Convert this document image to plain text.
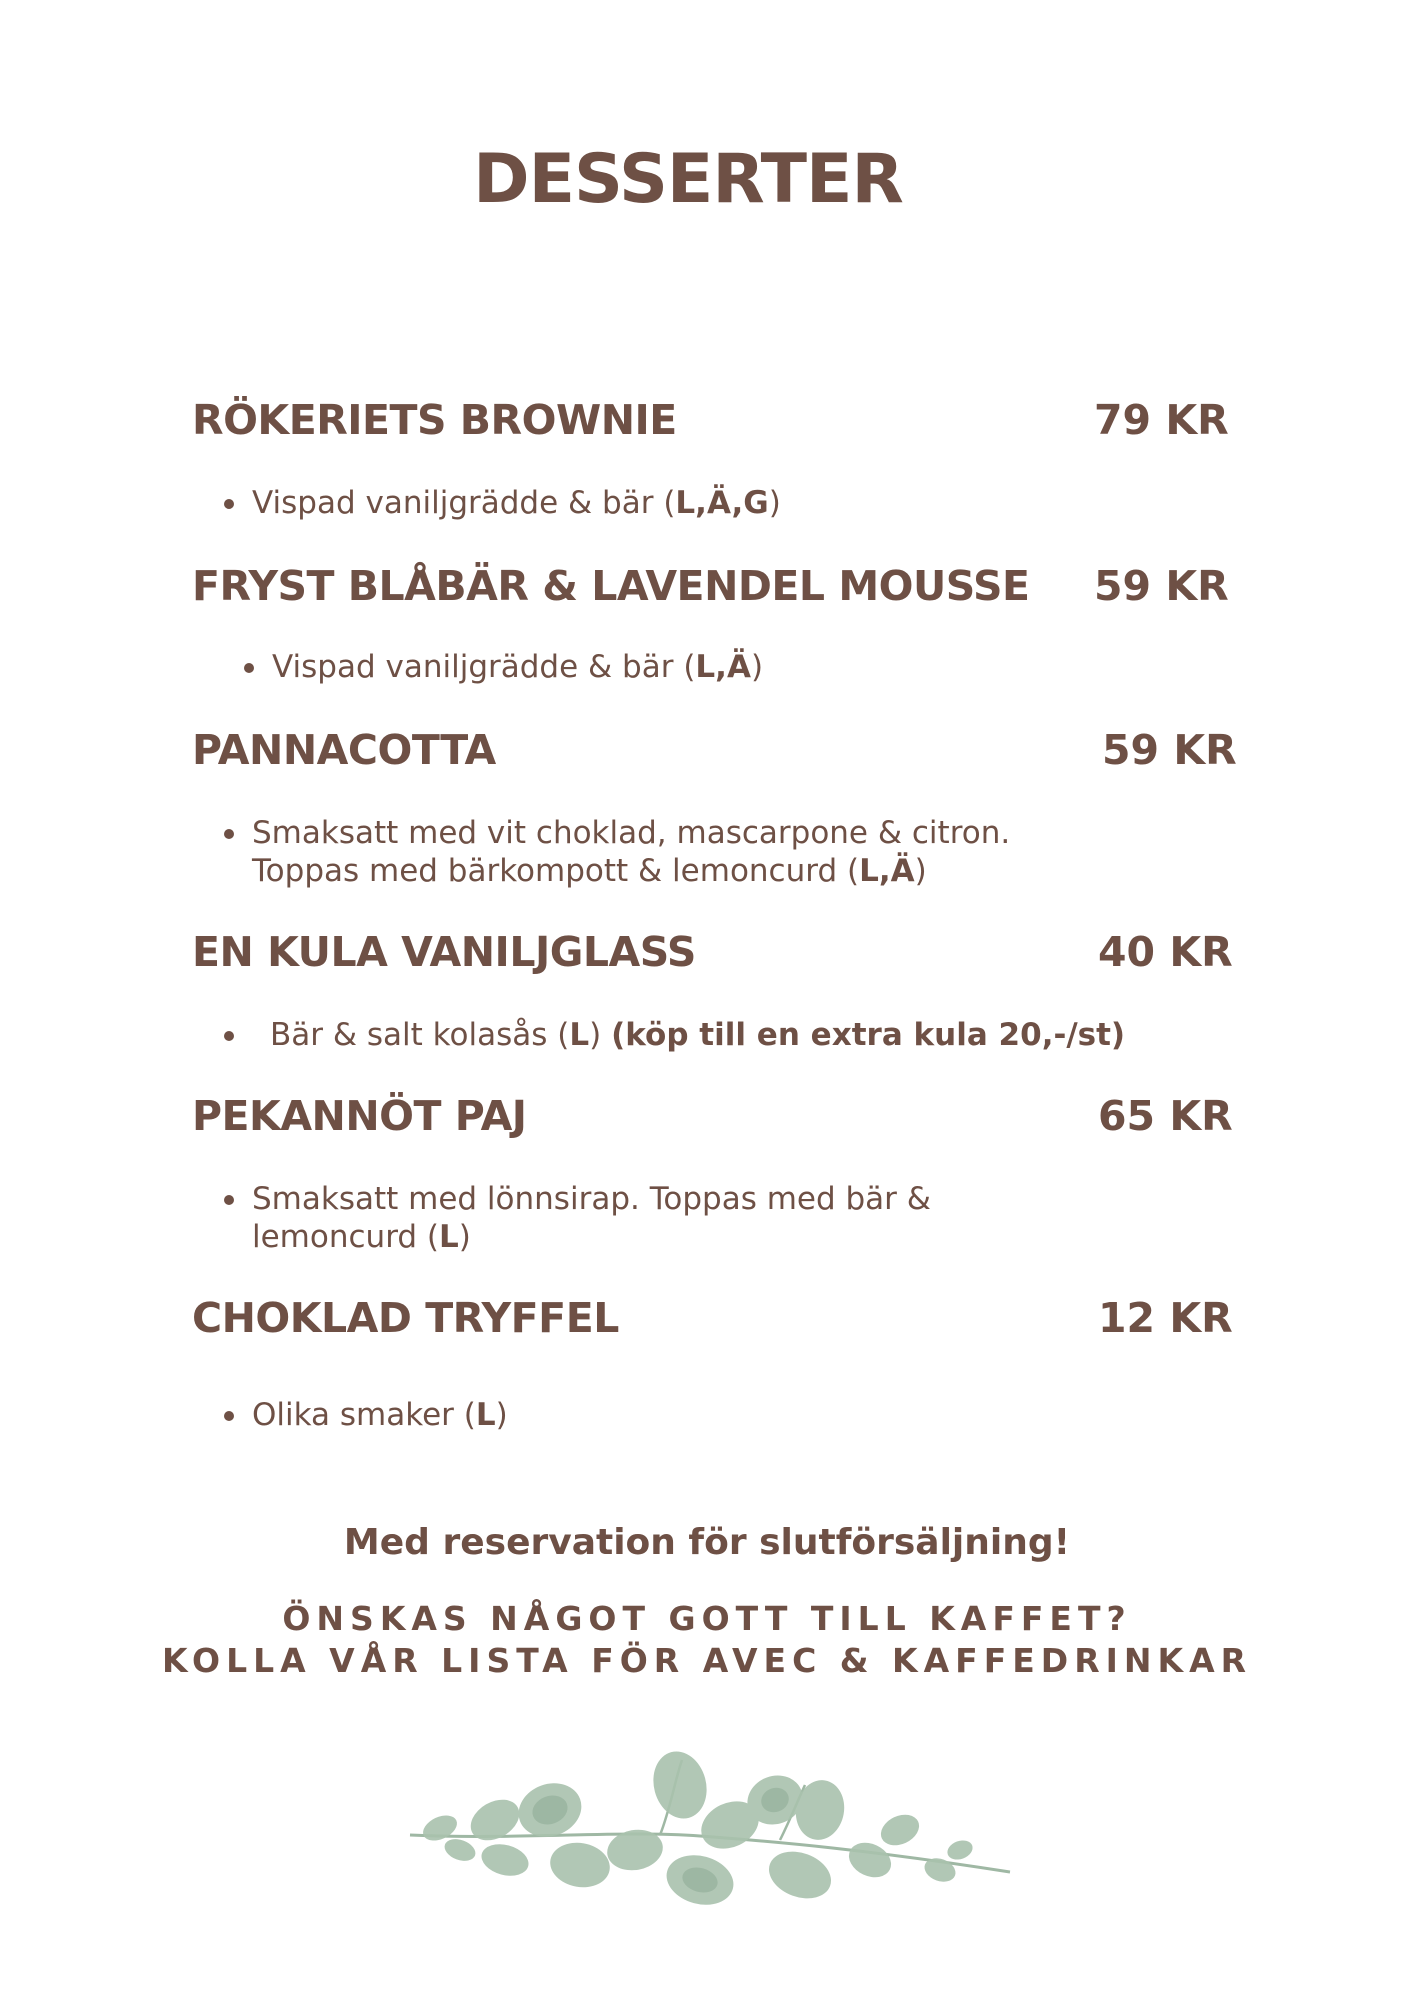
DESSERTER
RÖKERIETS BROWNIE	79 KR
Vispad vaniljgrädde & bär (L,Ä,G)
FRYST BLÅBÄR & LAVENDEL MOUSSE 59 KR
Vispad vaniljgrädde & bär (L,Ä)
PANNACOTTA	59 KR
Smaksatt med vit choklad, mascarpone & citron.
Toppas med bärkompott & lemoncurd (L,Ä)
EN KULA VANILJGLASS	40 KR
Bär & salt kolasås (L) (köp till en extra kula 20,-/st)
PEKANNÖT PAJ	65 KR
Smaksatt med lönnsirap. Toppas med bär &
lemoncurd (L)
CHOKLAD TRYFFEL	12 KR
Olika smaker (L)
Med reservation för slutförsäljning!
ÖNSKAS NÅGOT GOTT TILL KAFFET?
KOLLA VÅR LISTA FÖR AVEC & KAFFEDRINKAR
